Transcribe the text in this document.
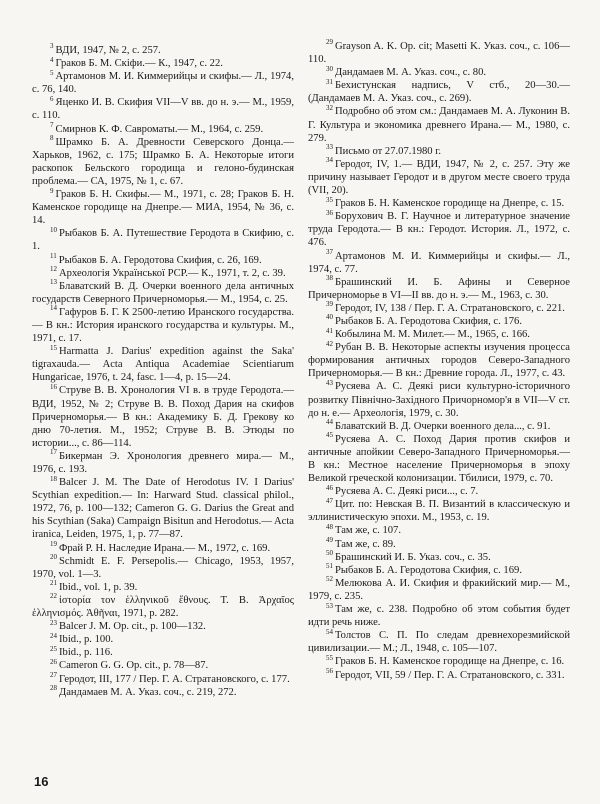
$^3$ ВДИ, 1947, № 2, с. 257.

$^4$ Граков Б. М. Скіфи.— К., 1947, с. 22.

$^5$ Артамонов М. И. Киммерийцы и скифы.— Л., 1974, с. 76, 140.

$^6$ Яценко И. В. Скифия VII—V вв. до н. э.— М., 1959, с. 110.

$^7$ Смирнов К. Ф. Савроматы.— М., 1964, с. 259.

$^8$ Шрамко Б. А. Древности Северского Донца.— Харьков, 1962, с. 175; Шрамко Б. А. Некоторые итоги раскопок Бельского городища и гелоно-будинская проблема.— СА, 1975, № 1, с. 67.

$^9$ Граков Б. Н. Скифы.— М., 1971, с. 28; Граков Б. Н. Каменское городище на Днепре.— МИА, 1954, № 36, с. 14.

$^{10}$ Рыбаков Б. А. Путешествие Геродота в Скифию, с. 1.

$^{11}$ Рыбаков Б. А. Геродотова Скифия, с. 26, 169.

$^{12}$ Археологія Української РСР.— К., 1971, т. 2, с. 39.

$^{13}$ Блаватский В. Д. Очерки военного дела античных государств Северного Причерноморья.— М., 1954, с. 25.

$^{14}$ Гафуров Б. Г. К 2500-летию Иранского государства.— В кн.: История иранского государства и культуры. М., 1971, с. 17.

$^{15}$ Harmatta J. Darius' expedition against the Saka' tigraxauda.— Acta Antiqua Academiae Scientiarum Hungaricae, 1976, t. 24, fasc. 1—4, p. 15—24.

$^{16}$ Струве В. В. Хронология VI в. в труде Геродота.— ВДИ, 1952, № 2; Струве В. В. Поход Дария на скифов Причерноморья.— В кн.: Академику Б. Д. Грекову ко дню 70-летия. М., 1952; Струве В. В. Этюды по истории..., с. 86—114.

$^{17}$ Бикерман Э. Хронология древнего мира.— М., 1976, с. 193.

$^{18}$ Balcer J. M. The Date of Herodotus IV. I Darius' Scythian expedition.— In: Harward Stud. classical philol., 1972, 76, p. 100—132; Cameron G. G. Darius the Great and his Scythian (Saka) Campaign Bisitun and Herodotus.— Acta iranica, Leiden, 1975, 1, p. 77—87.

$^{19}$ Фрай Р. Н. Наследие Ирана.— М., 1972, с. 169.

$^{20}$ Schmidt E. F. Persepolis.— Chicago, 1953, 1957, 1970, vol. 1—3.

$^{21}$ Ibid., vol. 1, p. 39.

$^{22}$ ἱστορία τον ἑλληνικοῦ ἔθνους. Τ. Β. Ἀρχαῖος ἑλληνισμός. Ἀθῆναι, 1971, p. 282.

$^{23}$ Balcer J. M. Op. cit., p. 100—132.

$^{24}$ Ibid., p. 100.

$^{25}$ Ibid., p. 116.

$^{26}$ Cameron G. G. Op. cit., p. 78—87.

$^{27}$ Геродот, III, 177 / Пер. Г. А. Стратановского, с. 177.

$^{28}$ Дандамаев М. А. Указ. соч., с. 219, 272.

$^{29}$ Grayson A. K. Op. cit; Masetti K. Указ. соч., с. 106—110.

$^{30}$ Дандамаев М. А. Указ. соч., с. 80.

$^{31}$ Бехистунская надпись, V стб., 20—30.— (Дандамаев М. А. Указ. соч., с. 269).

$^{32}$ Подробно об этом см.: Дандамаев М. А. Луконин В. Г. Культура и экономика древнего Ирана.— М., 1980, с. 279.

$^{33}$ Письмо от 27.07.1980 г.

$^{34}$ Геродот, IV, 1.— ВДИ, 1947, № 2, с. 257. Эту же причину называет Геродот и в другом месте своего труда (VII, 20).

$^{35}$ Граков Б. Н. Каменское городище на Днепре, с. 15.

$^{36}$ Борухович В. Г. Научное и литературное значение труда Геродота.— В кн.: Геродот. История. Л., 1972, с. 476.

$^{37}$ Артамонов М. И. Киммерийцы и скифы.— Л., 1974, с. 77.

$^{38}$ Брашинский И. Б. Афины и Северное Причерноморье в VI—II вв. до н. э.— М., 1963, с. 30.

$^{39}$ Геродот, IV, 138 / Пер. Г. А. Стратановского, с. 221.

$^{40}$ Рыбаков Б. А. Геродотова Скифия, с. 176.

$^{41}$ Кобылина М. М. Милет.— М., 1965, с. 166.

$^{42}$ Рубан В. В. Некоторые аспекты изучения процесса формирования античных городов Северо-Западного Причерноморья.— В кн.: Древние города. Л., 1977, с. 43.

$^{43}$ Русяева А. С. Деякі риси культурно-історичного розвитку Північно-Західного Причорномор'я в VII—V ст. до н. е.— Археологія, 1979, с. 30.

$^{44}$ Блаватский В. Д. Очерки военного дела..., с. 91.

$^{45}$ Русяева А. С. Поход Дария против скифов и античные апойкии Северо-Западного Причерноморья.— В кн.: Местное население Причерноморья в эпоху Великой греческой колонизации. Тбилиси, 1979, с. 70.

$^{46}$ Русяева А. С. Деякі риси..., с. 7.

$^{47}$ Цит. по: Невская В. П. Византий в классическую и эллинистическую эпохи. М., 1953, с. 19.

$^{48}$ Там же, с. 107.

$^{49}$ Там же, с. 89.

$^{50}$ Брашинский И. Б. Указ. соч., с. 35.

$^{51}$ Рыбаков Б. А. Геродотова Скифия, с. 169.

$^{52}$ Мелюкова А. И. Скифия и фракийский мир.— М., 1979, с. 235.

$^{53}$ Там же, с. 238. Подробно об этом события будет идти речь ниже.

$^{54}$ Толстов С. П. По следам древнехорезмийской цивилизации.— М.; Л., 1948, с. 105—107.

$^{55}$ Граков Б. Н. Каменское городище на Днепре, с. 16.

$^{56}$ Геродот, VII, 59 / Пер. Г. А. Стратановского, с. 331.

16
